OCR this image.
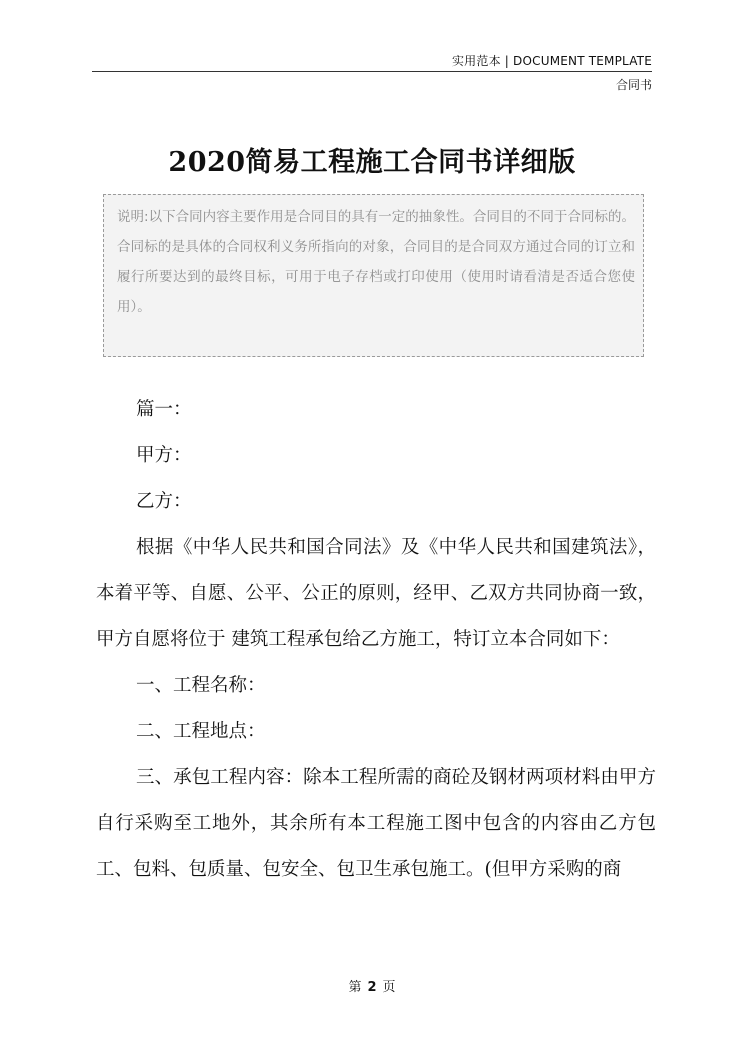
实用范本 | DOCUMENT TEMPLATE
合同书
2020简易工程施工合同书详细版
说明:以下合同内容主要作用是合同目的具有一定的抽象性。合同目的不同于合同标的。合同标的是具体的合同权利义务所指向的对象，合同目的是合同双方通过合同的订立和履行所要达到的最终目标，可用于电子存档或打印使用（使用时请看清是否适合您使用）。

篇一：

甲方：

乙方：

根据《中华人民共和国合同法》及《中华人民共和国建筑法》，本着平等、自愿、公平、公正的原则，经甲、乙双方共同协商一致，甲方自愿将位于 建筑工程承包给乙方施工，特订立本合同如下：

一、工程名称：

二、工程地点：

三、承包工程内容：除本工程所需的商砼及钢材两项材料由甲方自行采购至工地外，其余所有本工程施工图中包含的内容由乙方包工、包料、包质量、包安全、包卫生承包施工。(但甲方采购的商

第 2 页
